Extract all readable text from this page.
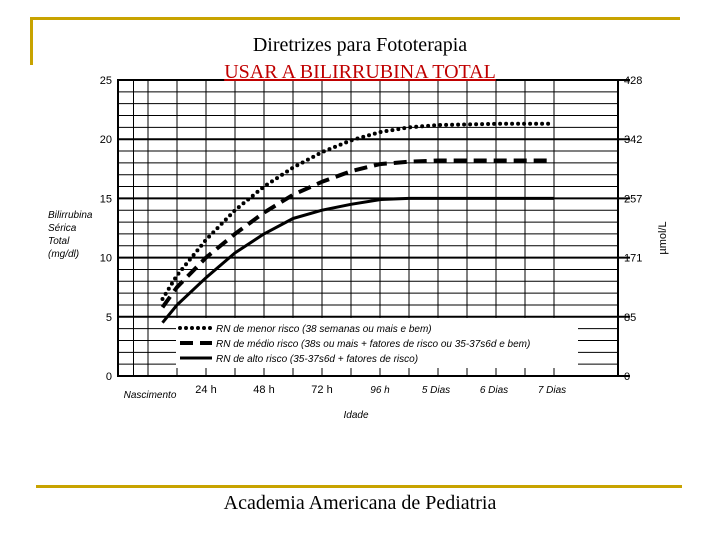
RN de menor risco (38 semanas ou mais e bem)
RN de médio risco (38s ou mais + fatores de risco ou 35-37s6d e bem)
RN de alto risco (35-37s6d + fatores de risco)
0
5
10
15
20
25
0
85
171
257
342
428
Nascimento 24 h	48 h	72 h	96 h	5 Dias	6 Dias	7 Dias
Idade
Bilirrubina
Sérica
Total
(mg/dl)	µmol/L
Diretrizes para Fototerapia
USAR A BILIRRUBINA TOTAL
Academia Americana de Pediatria
